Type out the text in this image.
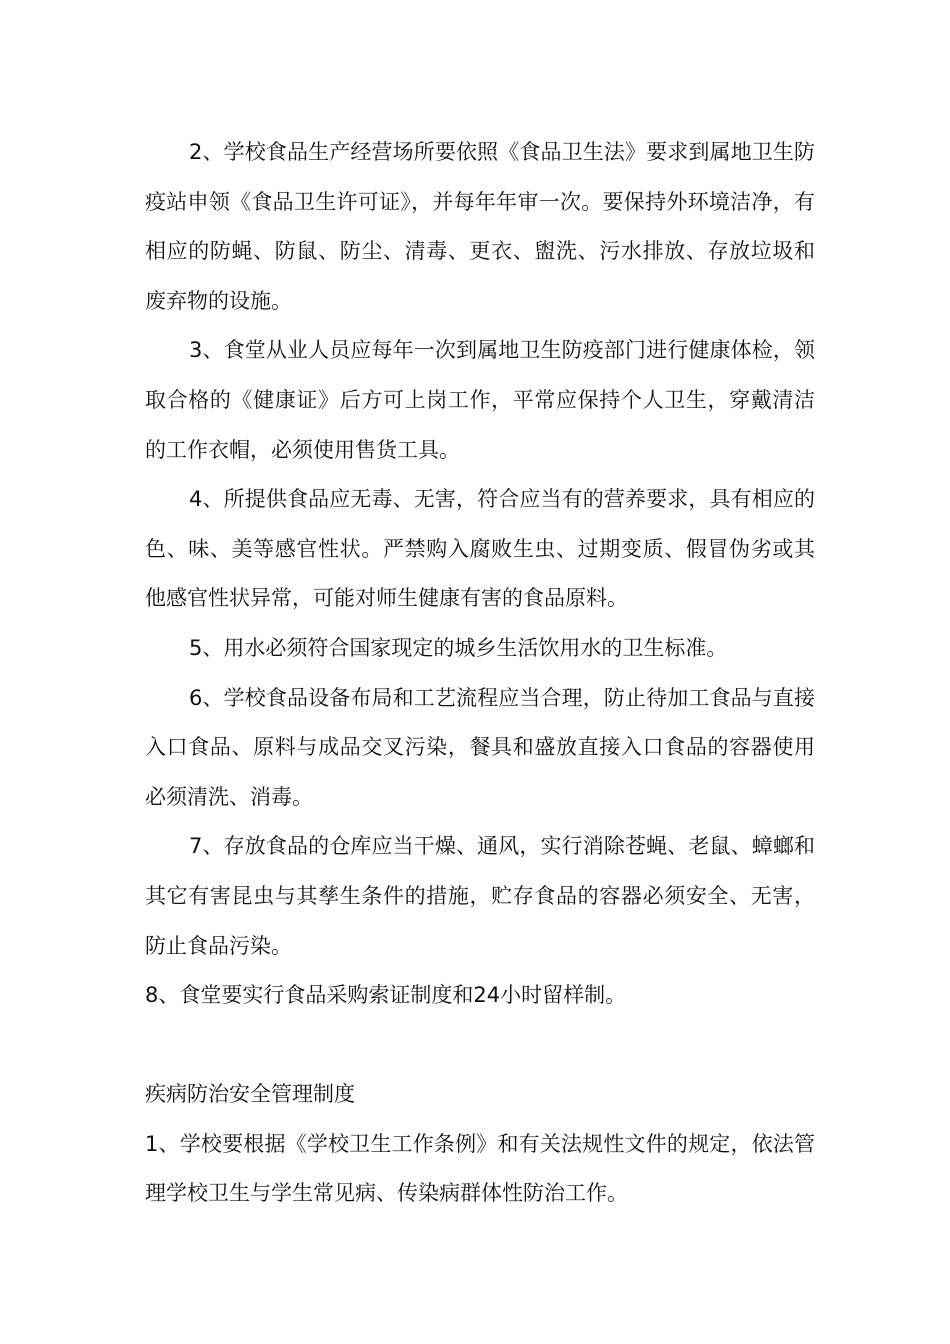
2、学校食品生产经营场所要依照《食品卫生法》要求到属地卫生防疫站申领《食品卫生许可证》，并每年年审一次。要保持外环境洁净，有相应的防蝇、防鼠、防尘、清毒、更衣、盥洗、污水排放、存放垃圾和废弃物的设施。

3、食堂从业人员应每年一次到属地卫生防疫部门进行健康体检，领取合格的《健康证》后方可上岗工作，平常应保持个人卫生，穿戴清洁的工作衣帽，必须使用售货工具。

4、所提供食品应无毒、无害，符合应当有的营养要求，具有相应的色、味、美等感官性状。严禁购入腐败生虫、过期变质、假冒伪劣或其他感官性状异常，可能对师生健康有害的食品原料。

5、用水必须符合国家现定的城乡生活饮用水的卫生标准。

6、学校食品设备布局和工艺流程应当合理，防止待加工食品与直接入口食品、原料与成品交叉污染，餐具和盛放直接入口食品的容器使用必须清洗、消毒。

7、存放食品的仓库应当干燥、通风，实行消除苍蝇、老鼠、蟑螂和其它有害昆虫与其孳生条件的措施，贮存食品的容器必须安全、无害，防止食品污染。

8、食堂要实行食品采购索证制度和24小时留样制。

疾病防治安全管理制度

1、学校要根据《学校卫生工作条例》和有关法规性文件的规定，依法管理学校卫生与学生常见病、传染病群体性防治工作。
